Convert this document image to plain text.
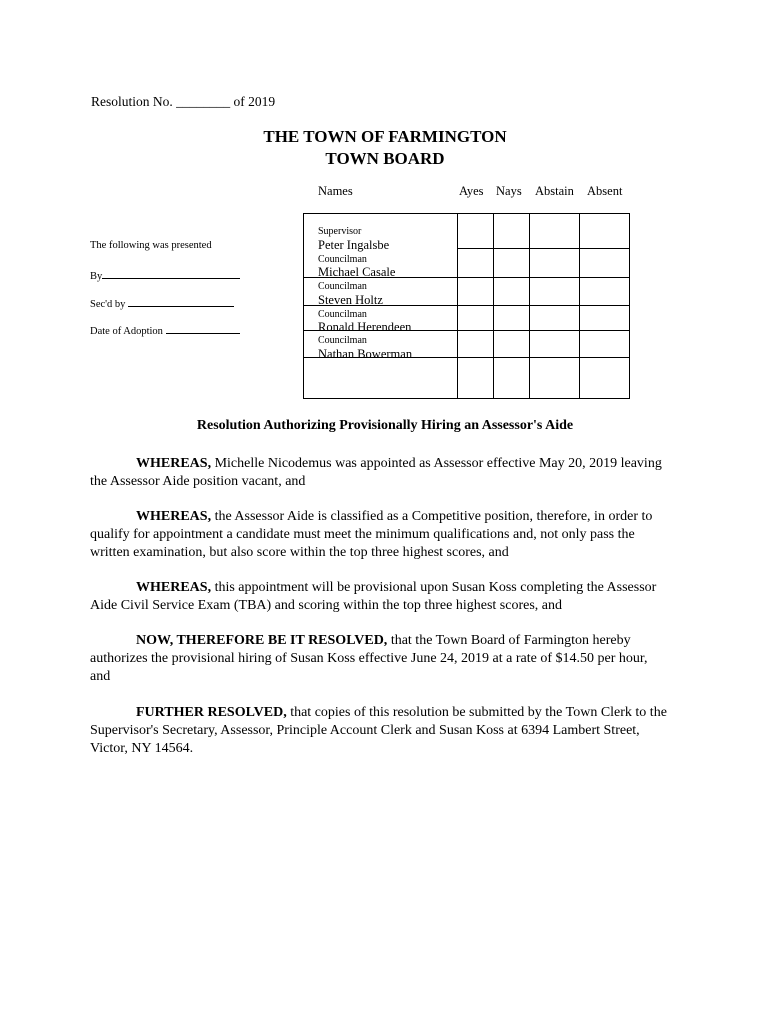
Resolution No. ________ of 2019
THE TOWN OF FARMINGTON
TOWN BOARD
Names	Ayes Nays Abstain Absent
The following was presented
By
Sec'd by
Date of Adoption
Supervisor
Peter Ingalsbe
Councilman
Michael Casale
Councilman
Steven Holtz
Councilman
Ronald Herendeen
Councilman
Nathan Bowerman
Resolution Authorizing Provisionally Hiring an Assessor's Aide

WHEREAS, Michelle Nicodemus was appointed as Assessor effective May 20, 2019 leaving the Assessor Aide position vacant, and

WHEREAS, the Assessor Aide is classified as a Competitive position, therefore, in order to qualify for appointment a candidate must meet the minimum qualifications and, not only pass the written examination, but also score within the top three highest scores, and

WHEREAS, this appointment will be provisional upon Susan Koss completing the Assessor Aide Civil Service Exam (TBA) and scoring within the top three highest scores, and

NOW, THEREFORE BE IT RESOLVED, that the Town Board of Farmington hereby authorizes the provisional hiring of Susan Koss effective June 24, 2019 at a rate of $14.50 per hour, and

FURTHER RESOLVED, that copies of this resolution be submitted by the Town Clerk to the Supervisor's Secretary, Assessor, Principle Account Clerk and Susan Koss at 6394 Lambert Street, Victor, NY 14564.
